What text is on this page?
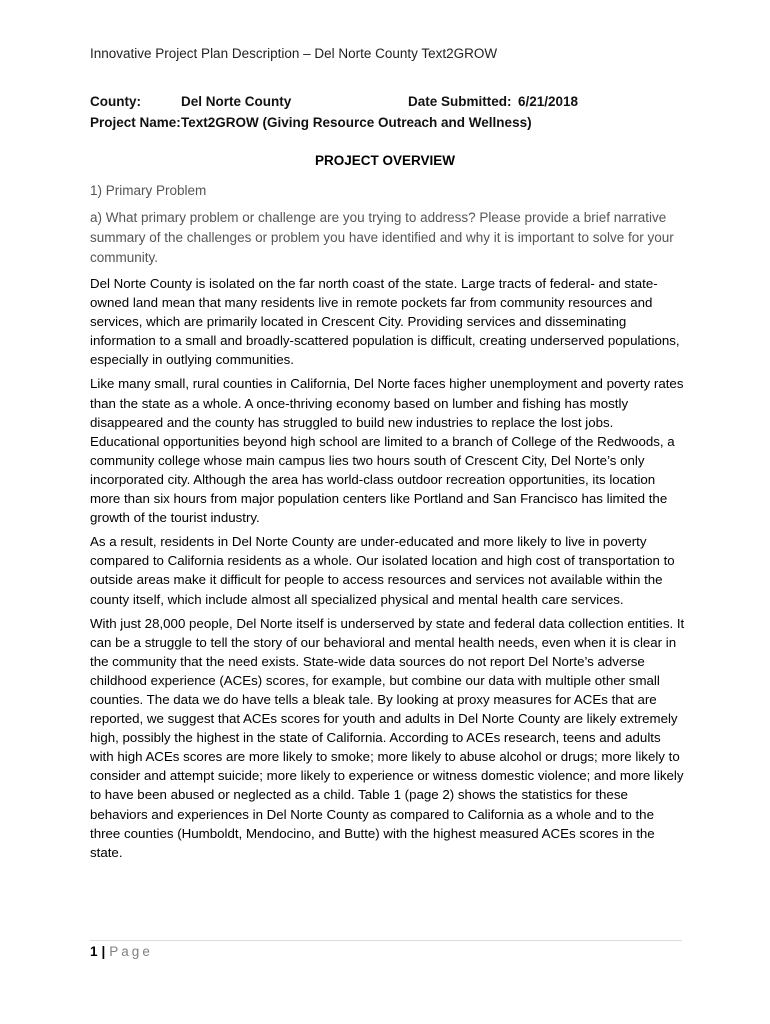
Innovative Project Plan Description – Del Norte County Text2GROW
County:	Del Norte County	Date Submitted: 6/21/2018
Project Name: Text2GROW (Giving Resource Outreach and Wellness)
PROJECT OVERVIEW
1) Primary Problem
a) What primary problem or challenge are you trying to address? Please provide a brief narrative summary of the challenges or problem you have identified and why it is important to solve for your community.

Del Norte County is isolated on the far north coast of the state. Large tracts of federal- and state-owned land mean that many residents live in remote pockets far from community resources and services, which are primarily located in Crescent City. Providing services and disseminating information to a small and broadly-scattered population is difficult, creating underserved populations, especially in outlying communities.

Like many small, rural counties in California, Del Norte faces higher unemployment and poverty rates than the state as a whole. A once-thriving economy based on lumber and fishing has mostly disappeared and the county has struggled to build new industries to replace the lost jobs. Educational opportunities beyond high school are limited to a branch of College of the Redwoods, a community college whose main campus lies two hours south of Crescent City, Del Norte’s only incorporated city. Although the area has world-class outdoor recreation opportunities, its location more than six hours from major population centers like Portland and San Francisco has limited the growth of the tourist industry.

As a result, residents in Del Norte County are under-educated and more likely to live in poverty compared to California residents as a whole. Our isolated location and high cost of transportation to outside areas make it difficult for people to access resources and services not available within the county itself, which include almost all specialized physical and mental health care services.

With just 28,000 people, Del Norte itself is underserved by state and federal data collection entities. It can be a struggle to tell the story of our behavioral and mental health needs, even when it is clear in the community that the need exists. State-wide data sources do not report Del Norte’s adverse childhood experience (ACEs) scores, for example, but combine our data with multiple other small counties. The data we do have tells a bleak tale. By looking at proxy measures for ACEs that are reported, we suggest that ACEs scores for youth and adults in Del Norte County are likely extremely high, possibly the highest in the state of California. According to ACEs research, teens and adults with high ACEs scores are more likely to smoke; more likely to abuse alcohol or drugs; more likely to consider and attempt suicide; more likely to experience or witness domestic violence; and more likely to have been abused or neglected as a child. Table 1 (page 2) shows the statistics for these behaviors and experiences in Del Norte County as compared to California as a whole and to the three counties (Humboldt, Mendocino, and Butte) with the highest measured ACEs scores in the state.

1 | Page
